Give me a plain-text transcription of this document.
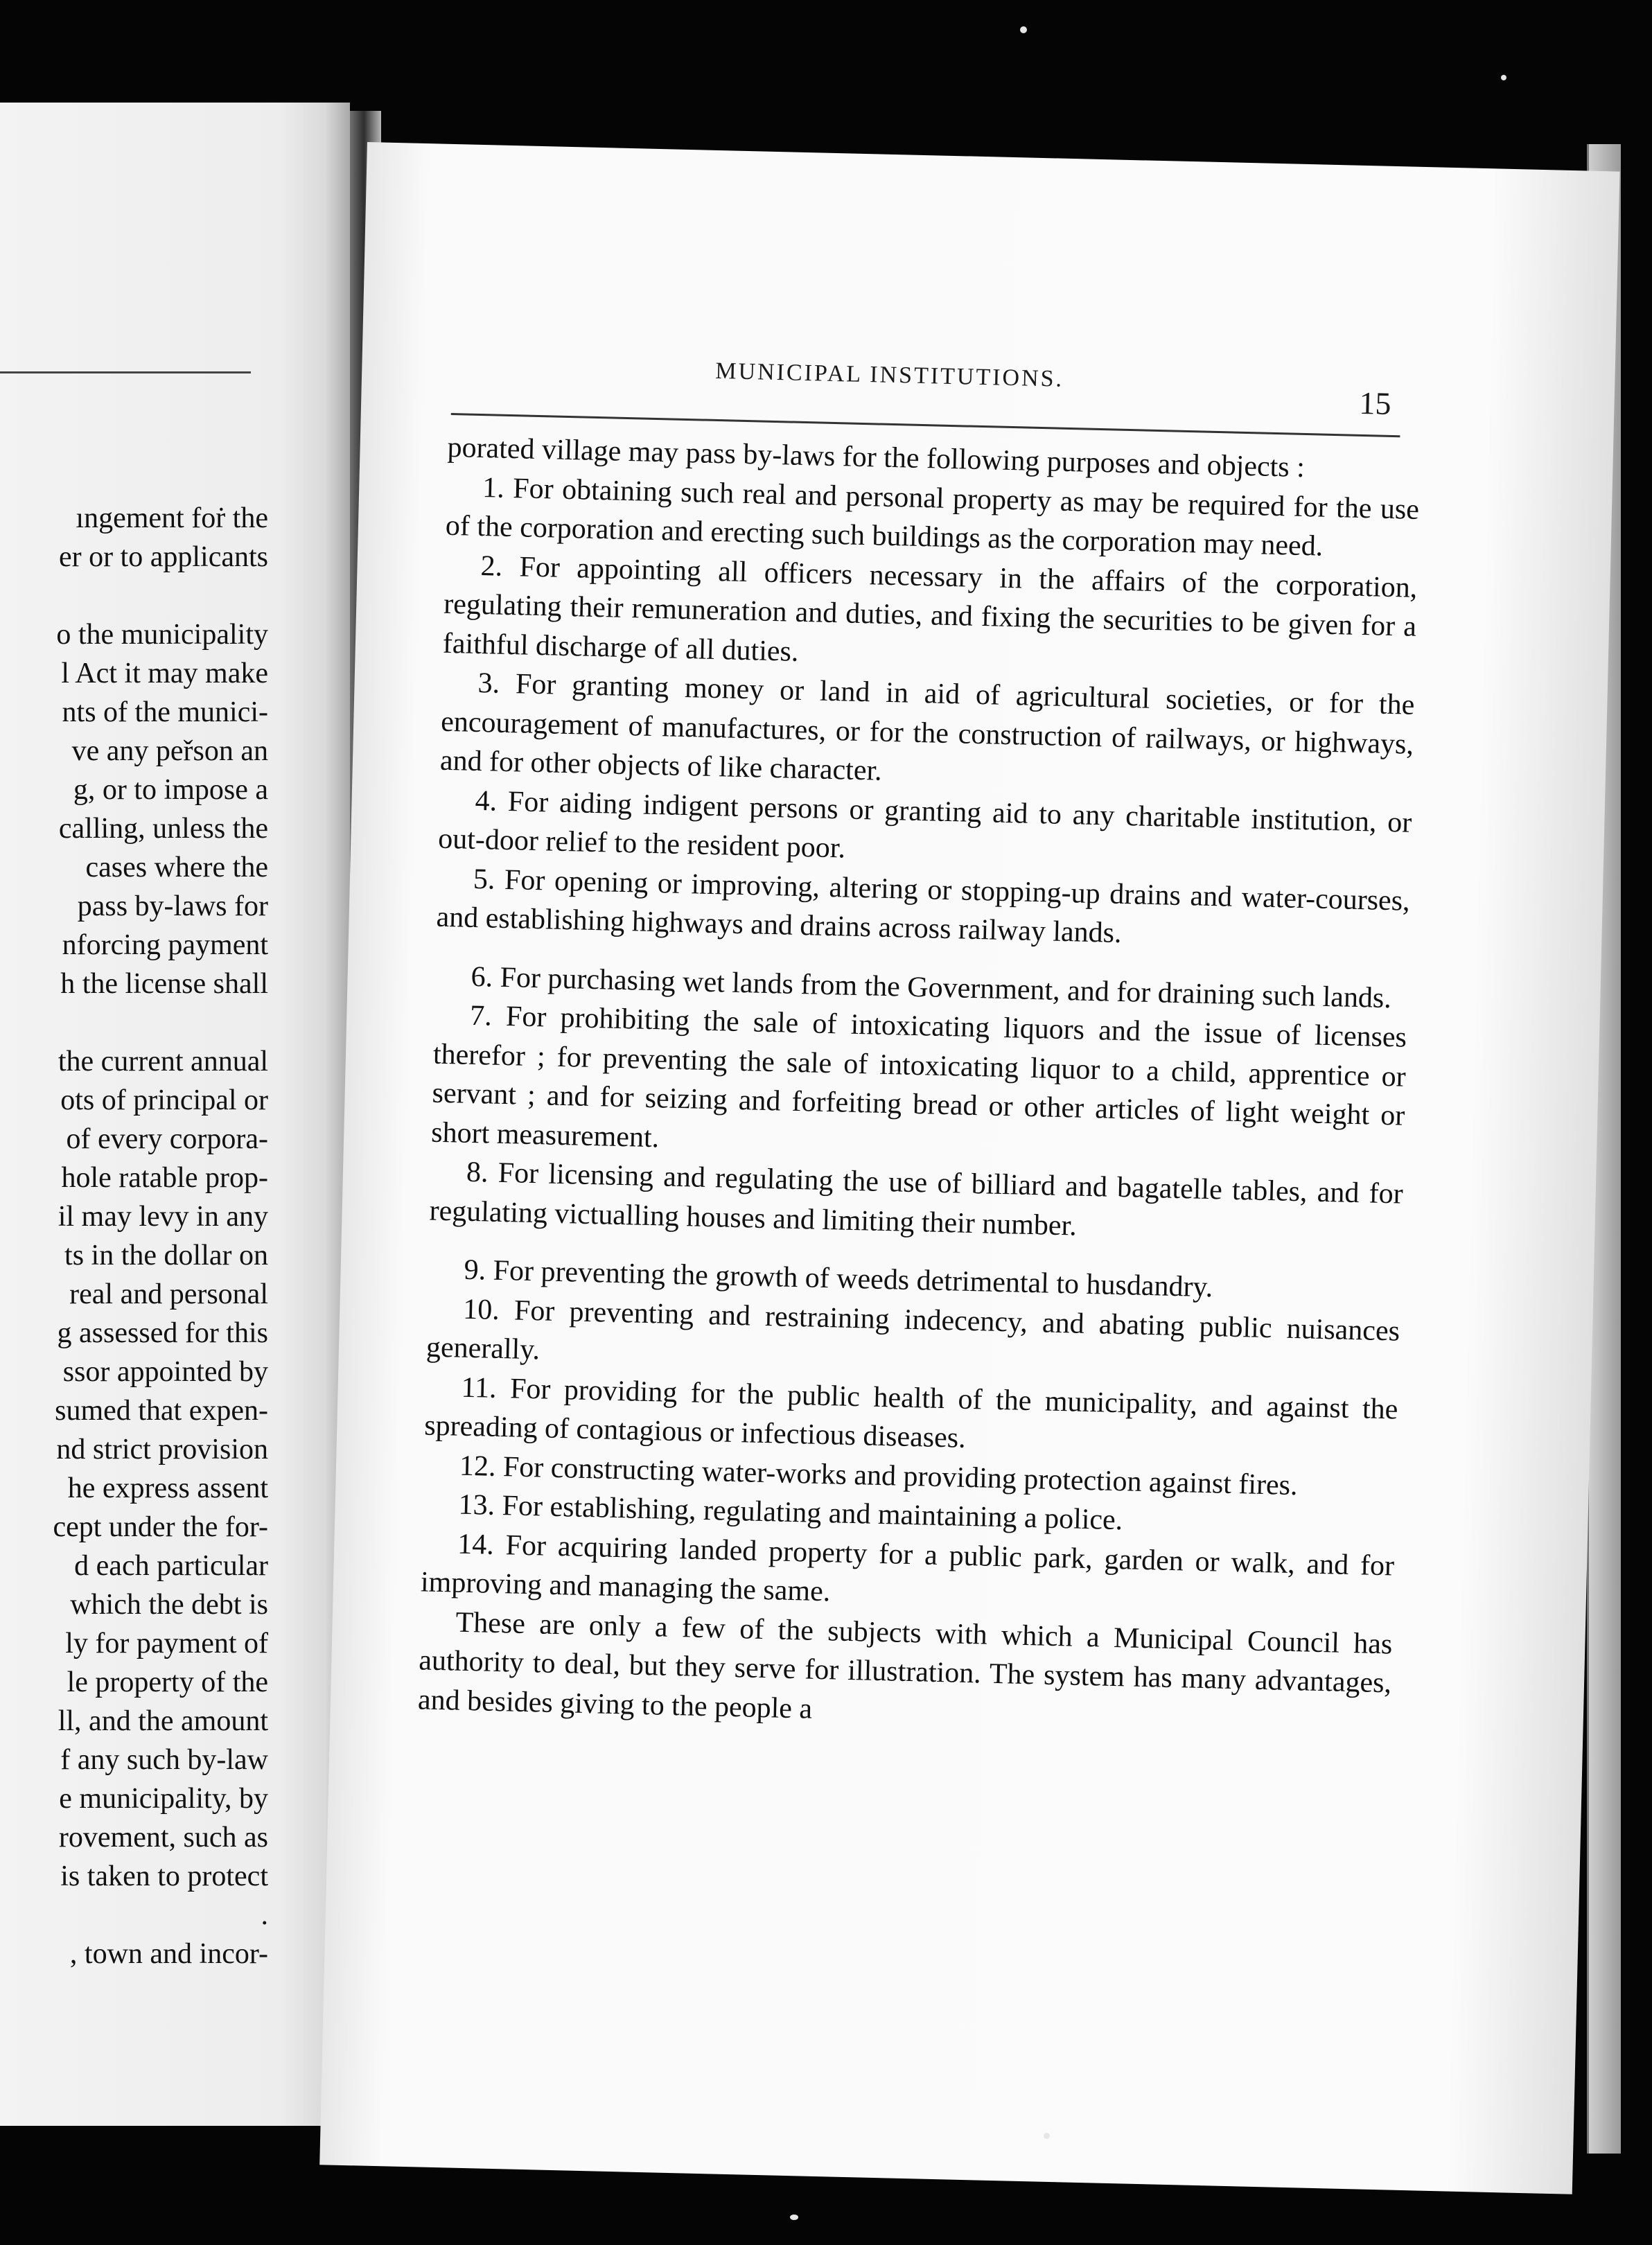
ıngement foṙ the
er or to applicants
o the municipality
l Act it may make
nts of the munici-
ve any peřson an
g, or to impose a
calling, unless the
cases where the
pass by-laws for
nforcing payment
h the license shall
the current annual
ots of principal or
of every corpora-
hole ratable prop-
il may levy in any
ts in the dollar on
real and personal
g assessed for this
ssor appointed by
sumed that expen-
nd strict provision
he express assent
cept under the for-
d each particular
which the debt is
ly for payment of
le property of the
ll, and the amount
f any such by-law
e municipality, by
rovement, such as
is taken to protect
.
, town and incor-
MUNICIPAL INSTITUTIONS.
15

porated village may pass by-laws for the following purposes and objects :

1. For obtaining such real and personal property as may be required for the use of the corporation and erecting such buildings as the corporation may need.

2. For appointing all officers necessary in the affairs of the corporation, regulating their remuneration and duties, and fixing the securities to be given for a faithful discharge of all duties.

3. For granting money or land in aid of agricultural societies, or for the encouragement of manufactures, or for the construction of railways, or highways, and for other objects of like character.

4. For aiding indigent persons or granting aid to any charitable institution, or out-door relief to the resident poor.

5. For opening or improving, altering or stopping-up drains and water-courses, and establishing highways and drains across railway lands.

6. For purchasing wet lands from the Government, and for draining such lands.

7. For prohibiting the sale of intoxicating liquors and the issue of licenses therefor ; for preventing the sale of intoxicating liquor to a child, apprentice or servant ; and for seizing and forfeiting bread or other articles of light weight or short measurement.

8. For licensing and regulating the use of billiard and bagatelle tables, and for regulating victualling houses and limiting their number.

9. For preventing the growth of weeds detrimental to husdandry.

10. For preventing and restraining indecency, and abating public nuisances generally.

11. For providing for the public health of the municipality, and against the spreading of contagious or infectious diseases.

12. For constructing water-works and providing protection against fires.

13. For establishing, regulating and maintaining a police.

14. For acquiring landed property for a public park, garden or walk, and for improving and managing the same.

These are only a few of the subjects with which a Municipal Council has authority to deal, but they serve for illustration. The system has many advantages, and besides giving to the people a
